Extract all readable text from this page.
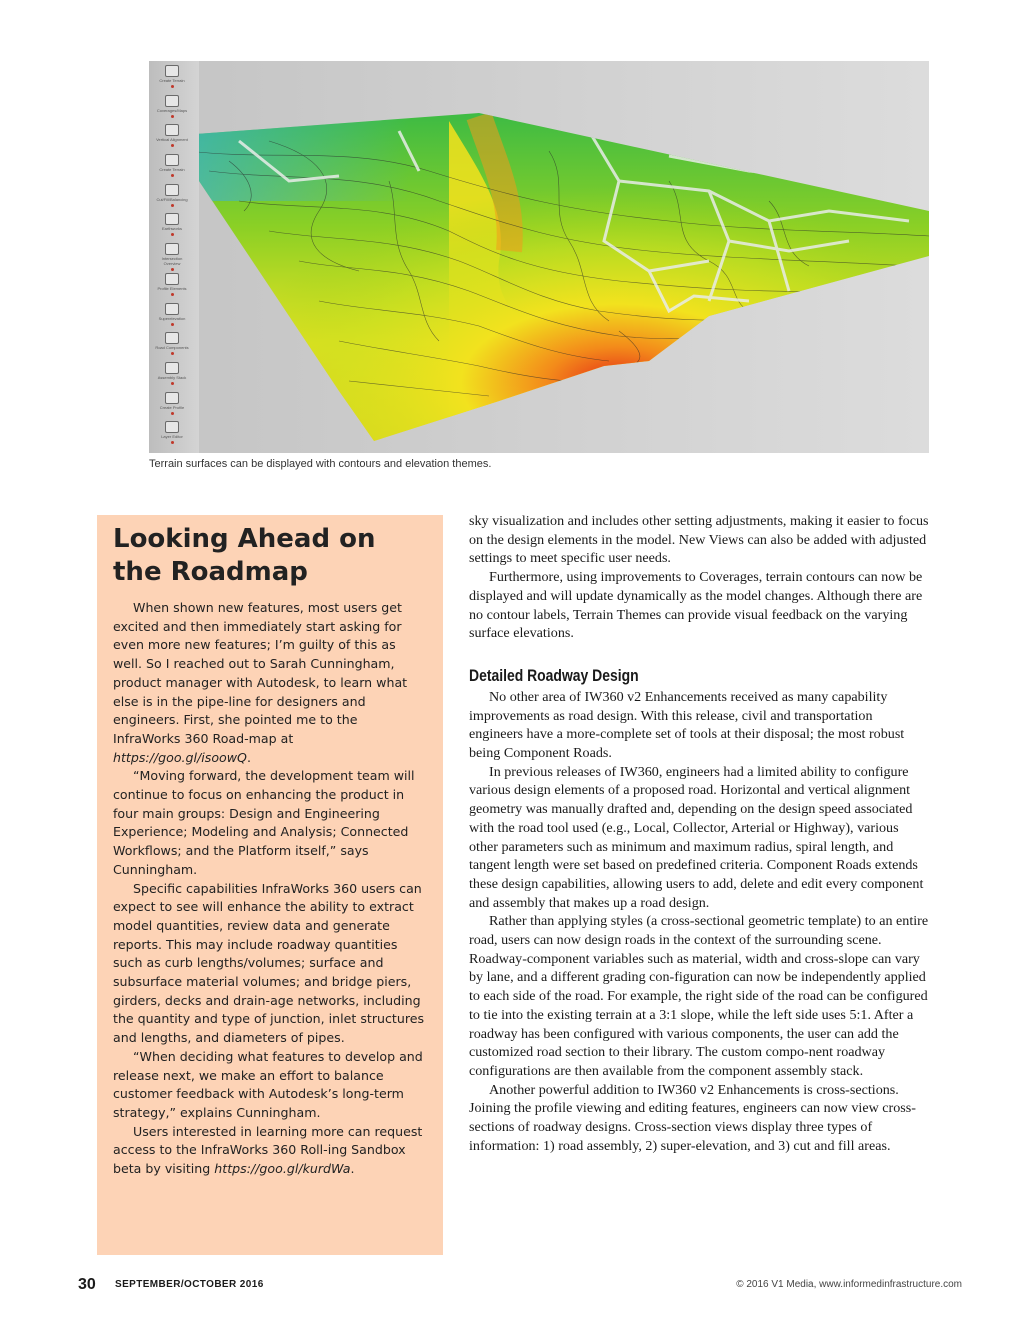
Create Terrain
Coverages/Maps
Vertical Alignment
Create Terrain
Cut/Fill/Balancing
Earthworks
Intersection Overview
Profile Elements
Superelevation
Road Components
Assembly Stack
Create Profile
Layer Editor
Terrain surfaces can be displayed with contours and elevation themes.
Looking Ahead on
the Roadmap

When shown new features, most users get excited and then immediately start asking for even more new features; I’m guilty of this as well. So I reached out to Sarah Cunningham, product manager with Autodesk, to learn what else is in the pipe-line for designers and engineers. First, she pointed me to the InfraWorks 360 Road-map at https://goo.gl/isoowQ.

“Moving forward, the development team will continue to focus on enhancing the product in four main groups: Design and Engineering Experience; Modeling and Analysis; Connected Workflows; and the Platform itself,” says Cunningham.

Specific capabilities InfraWorks 360 users can expect to see will enhance the ability to extract model quantities, review data and generate reports. This may include roadway quantities such as curb lengths/volumes; surface and subsurface material volumes; and bridge piers, girders, decks and drain-age networks, including the quantity and type of junction, inlet structures and lengths, and diameters of pipes.

“When deciding what features to develop and release next, we make an effort to balance customer feedback with Autodesk’s long-term strategy,” explains Cunningham.

Users interested in learning more can request access to the InfraWorks 360 Roll-ing Sandbox beta by visiting https://goo.gl/kurdWa.

sky visualization and includes other setting adjustments, making it easier to focus on the design elements in the model. New Views can also be added with adjusted settings to meet specific user needs.

Furthermore, using improvements to Coverages, terrain contours can now be displayed and will update dynamically as the model changes. Although there are no contour labels, Terrain Themes can provide visual feedback on the varying surface elevations.

Detailed Roadway Design

No other area of IW360 v2 Enhancements received as many capability improvements as road design. With this release, civil and transportation engineers have a more-complete set of tools at their disposal; the most robust being Component Roads.

In previous releases of IW360, engineers had a limited ability to configure various design elements of a proposed road. Horizontal and vertical alignment geometry was manually drafted and, depending on the design speed associated with the road tool used (e.g., Local, Collector, Arterial or Highway), various other parameters such as minimum and maximum radius, spiral length, and tangent length were set based on predefined criteria. Component Roads extends these design capabilities, allowing users to add, delete and edit every component and assembly that makes up a road design.

Rather than applying styles (a cross-sectional geometric template) to an entire road, users can now design roads in the context of the surrounding scene. Roadway-component variables such as material, width and cross-slope can vary by lane, and a different grading con-figuration can now be independently applied to each side of the road. For example, the right side of the road can be configured to tie into the existing terrain at a 3:1 slope, while the left side uses 5:1. After a roadway has been configured with various components, the user can add the customized road section to their library. The custom compo-nent roadway configurations are then available from the component assembly stack.

Another powerful addition to IW360 v2 Enhancements is cross-sections. Joining the profile viewing and editing features, engineers can now view cross-sections of roadway designs. Cross-section views display three types of information: 1) road assembly, 2) super-elevation, and 3) cut and fill areas.

30 SEPTEMBER/OCTOBER 2016	© 2016 V1 Media, www.informedinfrastructure.com
